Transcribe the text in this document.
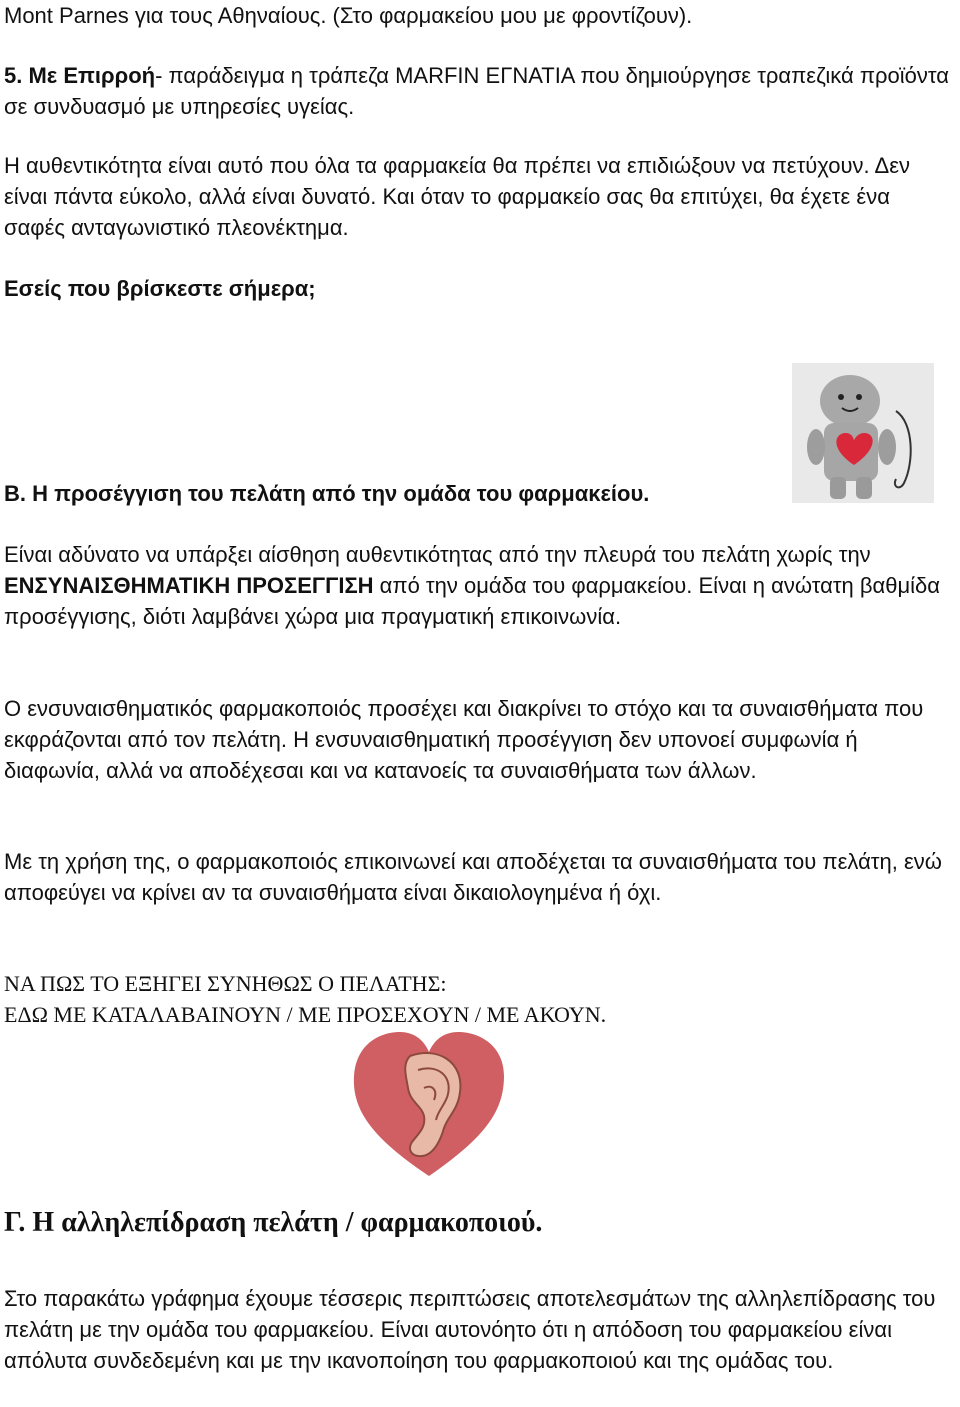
Mont Parnes για τους Αθηναίους. (Στο φαρμακείου μου με φροντίζουν).

5. Με Επιρροή- παράδειγμα η τράπεζα MARFIN ΕΓΝΑΤΙΑ που δημιούργησε τραπεζικά προϊόντα σε συνδυασμό με υπηρεσίες υγείας.

Η αυθεντικότητα είναι αυτό που όλα τα φαρμακεία θα πρέπει να επιδιώξουν να πετύχουν. Δεν είναι πάντα εύκολο, αλλά είναι δυνατό. Και όταν το φαρμακείο σας θα επιτύχει, θα έχετε ένα σαφές ανταγωνιστικό πλεονέκτημα.

Εσείς που βρίσκεστε σήμερα;

Β. Η προσέγγιση του πελάτη από την ομάδα του φαρμακείου.

Είναι αδύνατο να υπάρξει αίσθηση αυθεντικότητας από την πλευρά του πελάτη χωρίς την ΕΝΣΥΝΑΙΣΘΗΜΑΤΙΚΗ ΠΡΟΣΕΓΓΙΣΗ από την ομάδα του φαρμακείου. Είναι η ανώτατη βαθμίδα προσέγγισης, διότι λαμβάνει χώρα μια πραγματική επικοινωνία.

Ο ενσυναισθηματικός φαρμακοποιός προσέχει και διακρίνει το στόχο και τα συναισθήματα που εκφράζονται από τον πελάτη. Η ενσυναισθηματική προσέγγιση δεν υπονοεί συμφωνία ή διαφωνία, αλλά να αποδέχεσαι και να κατανοείς τα συναισθήματα των άλλων.

Με τη χρήση της, ο φαρμακοποιός επικοινωνεί και αποδέχεται τα συναισθήματα του πελάτη, ενώ αποφεύγει να κρίνει αν τα συναισθήματα είναι δικαιολογημένα ή όχι.

ΝΑ ΠΩΣ ΤΟ ΕΞΗΓΕΙ ΣΥΝΗΘΩΣ Ο ΠΕΛΑΤΗΣ:

ΕΔΩ ΜΕ ΚΑΤΑΛΑΒΑΙΝΟΥΝ / ΜΕ ΠΡΟΣΕΧΟΥΝ / ΜΕ ΑΚΟΥΝ.

Γ. Η αλληλεπίδραση πελάτη / φαρμακοποιού.

Στο παρακάτω γράφημα έχουμε τέσσερις περιπτώσεις αποτελεσμάτων της αλληλεπίδρασης του πελάτη με την ομάδα του φαρμακείου. Είναι αυτονόητο ότι η απόδοση του φαρμακείου είναι απόλυτα συνδεδεμένη και με την ικανοποίηση του φαρμακοποιού και της ομάδας του.
